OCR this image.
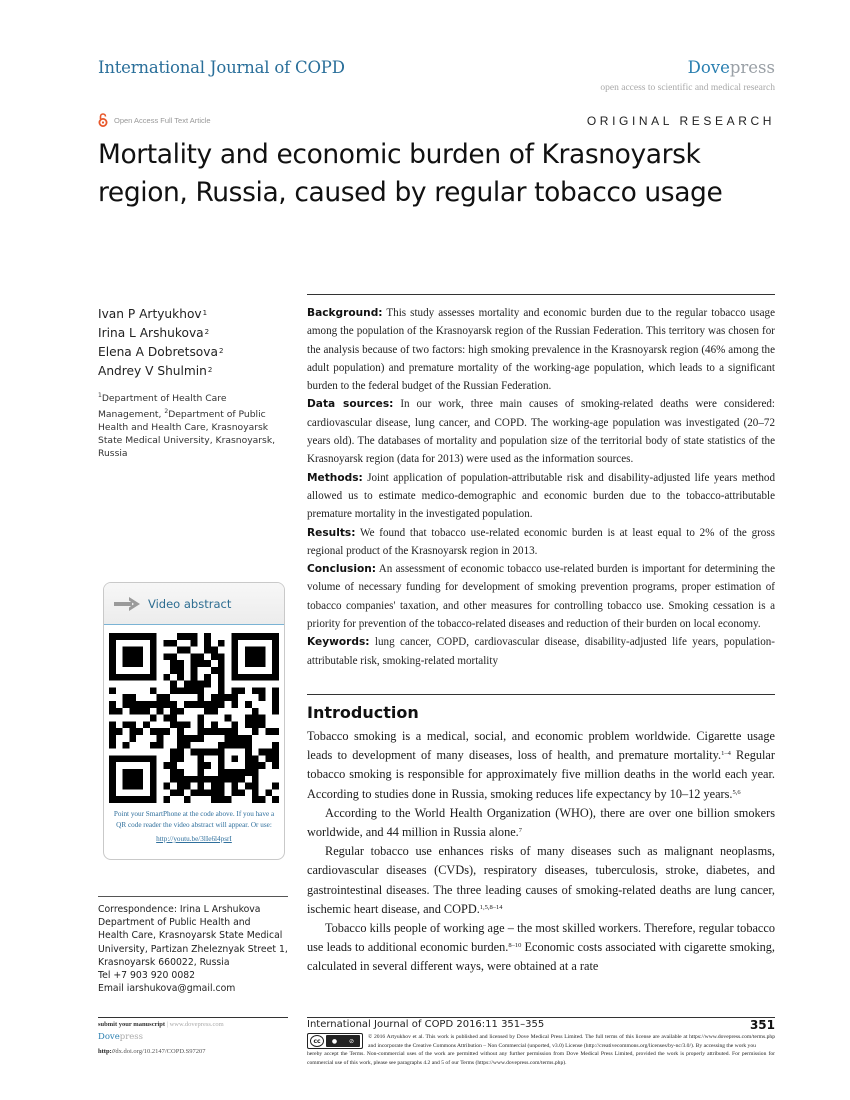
International Journal of COPD	Dovepress
open access to scientific and medical research
Open Access Full Text Article	ORIGINAL RESEARCH
Mortality and economic burden of Krasnoyarsk region, Russia, caused by regular tobacco usage
Ivan P Artyukhov$^1$
Irina L Arshukova$^2$
Elena A Dobretsova$^2$
Andrey V Shulmin$^2$
$^1$Department of Health Care Management, $^2$Department of Public Health and Health Care, Krasnoyarsk State Medical University, Krasnoyarsk, Russia

Background: This study assesses mortality and economic burden due to the regular tobacco usage among the population of the Krasnoyarsk region of the Russian Federation. This territory was chosen for the analysis because of two factors: high smoking prevalence in the Krasnoyarsk region (46% among the adult population) and premature mortality of the working-age population, which leads to a significant burden to the federal budget of the Russian Federation.

Data sources: In our work, three main causes of smoking-related deaths were considered: cardiovascular disease, lung cancer, and COPD. The working-age population was investigated (20–72 years old). The databases of mortality and population size of the territorial body of state statistics of the Krasnoyarsk region (data for 2013) were used as the information sources.

Methods: Joint application of population-attributable risk and disability-adjusted life years method allowed us to estimate medico-demographic and economic burden due to the tobacco-attributable premature mortality in the investigated population.

Results: We found that tobacco use-related economic burden is at least equal to 2% of the gross regional product of the Krasnoyarsk region in 2013.

Conclusion: An assessment of economic tobacco use-related burden is important for determining the volume of necessary funding for development of smoking prevention programs, proper estimation of tobacco companies' taxation, and other measures for controlling tobacco use. Smoking cessation is a priority for prevention of the tobacco-related diseases and reduction of their burden on local economy.

Keywords: lung cancer, COPD, cardiovascular disease, disability-adjusted life years, population-attributable risk, smoking-related mortality

Video abstract
Point your SmartPhone at the code above. If you have a QR code reader the video abstract will appear. Or use:
http://youtu.be/3lIe6l4psrI
Correspondence: Irina L Arshukova
Department of Public Health and
Health Care, Krasnoyarsk State Medical
University, Partizan Zheleznyak Street 1,
Krasnoyarsk 660022, Russia
Tel +7 903 920 0082
Email iarshukova@gmail.com
Introduction

Tobacco smoking is a medical, social, and economic problem worldwide. Cigarette usage leads to development of many diseases, loss of health, and premature mortality.$^{1-4}$ Regular tobacco smoking is responsible for approximately five million deaths in the world each year. According to studies done in Russia, smoking reduces life expectancy by 10–12 years.$^{5,6}$

According to the World Health Organization (WHO), there are over one billion smokers worldwide, and 44 million in Russia alone.$^7$

Regular tobacco use enhances risks of many diseases such as malignant neoplasms, cardiovascular diseases (CVDs), respiratory diseases, tuberculosis, stroke, diabetes, and gastrointestinal diseases. The three leading causes of smoking-related deaths are lung cancer, ischemic heart disease, and COPD.$^{1,5,8-14}$

Tobacco kills people of working age – the most skilled workers. Therefore, regular tobacco use leads to additional economic burden.$^{8-10}$ Economic costs associated with cigarette smoking, calculated in several different ways, were obtained at a rate

submit your manuscript | www.dovepress.com
Dovepress
http://dx.doi.org/10.2147/COPD.S97207
International Journal of COPD 2016:11 351–355	351
cc	● ⊘
© 2016 Artyukhov et al. This work is published and licensed by Dove Medical Press Limited. The full terms of this license are available at https://www.dovepress.com/terms.php and incorporate the Creative Commons Attribution – Non Commercial (unported, v3.0) License (http://creativecommons.org/licenses/by-nc/3.0/). By accessing the work you
hereby accept the Terms. Non-commercial uses of the work are permitted without any further permission from Dove Medical Press Limited, provided the work is properly attributed. For permission for commercial use of this work, please see paragraphs 4.2 and 5 of our Terms (https://www.dovepress.com/terms.php).
